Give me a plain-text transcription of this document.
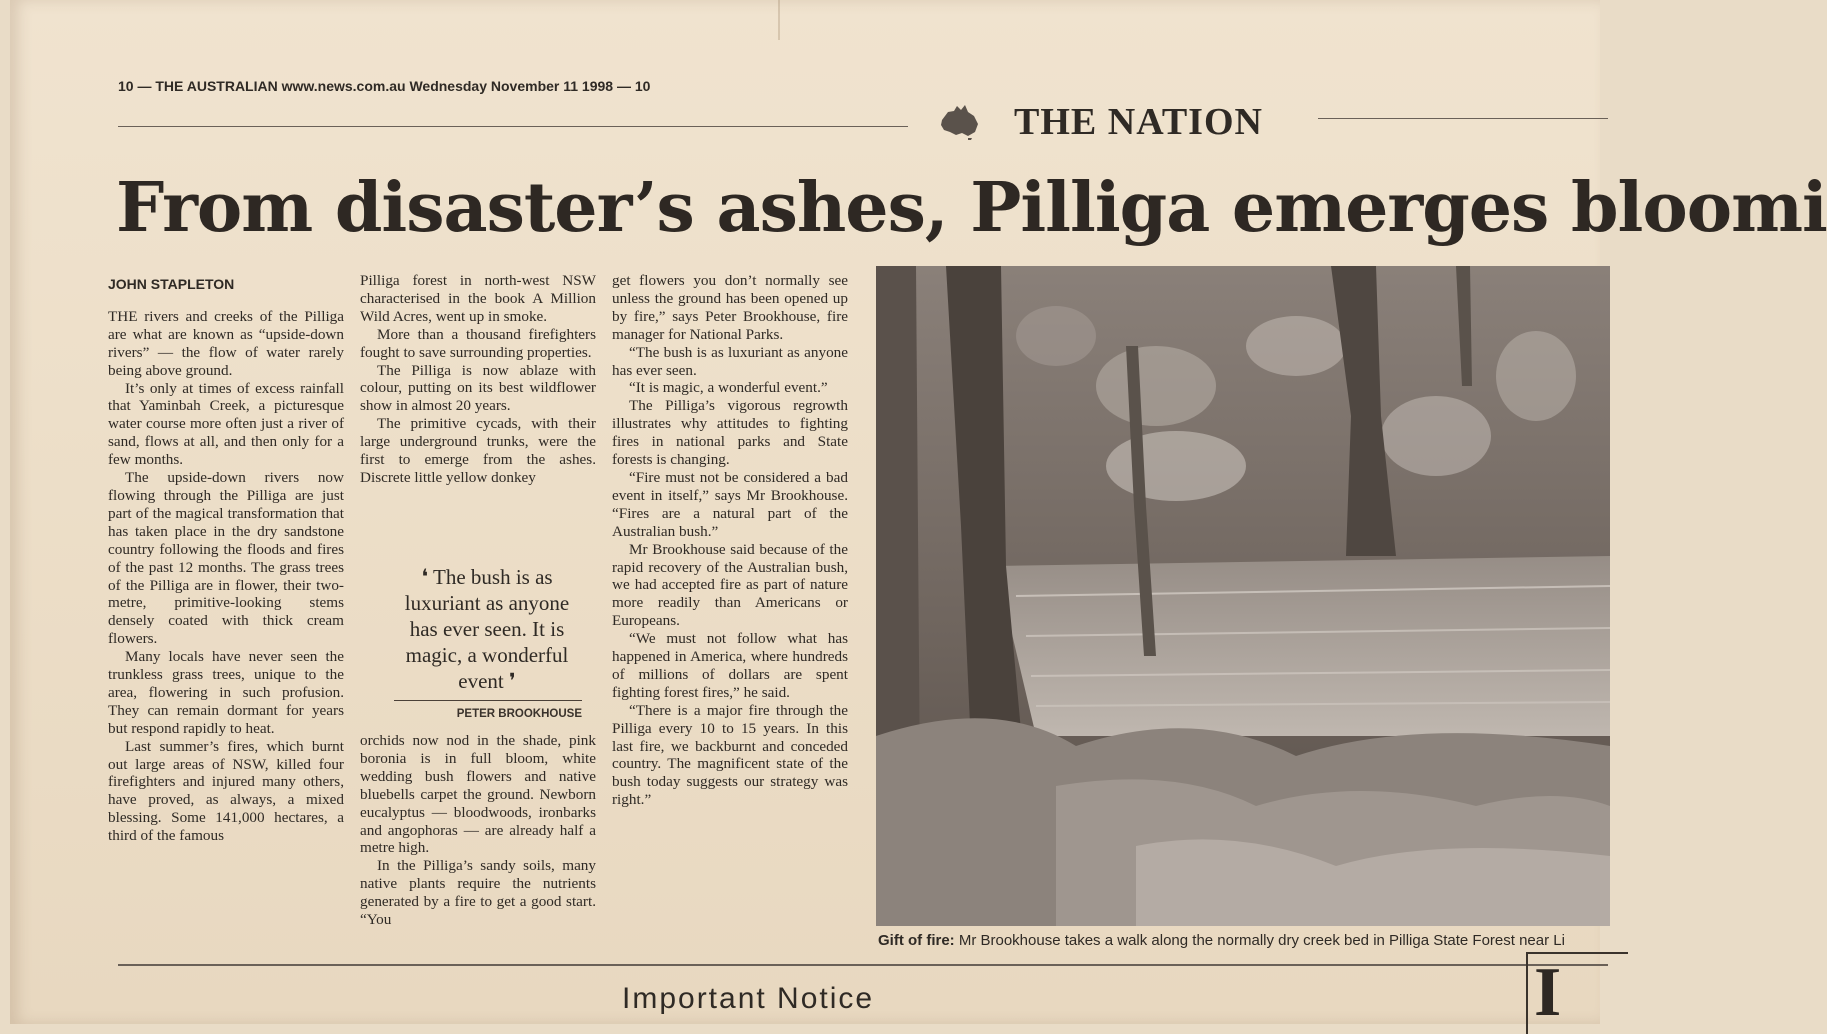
10 — THE AUSTRALIAN www.news.com.au Wednesday November 11 1998 — 10
THE NATION
From disaster’s ashes, Pilliga emerges bloomi
JOHN STAPLETON

THE rivers and creeks of the Pilliga are what are known as “upside-down rivers” — the flow of water rarely being above ground.

It’s only at times of excess rainfall that Yaminbah Creek, a picturesque water course more often just a river of sand, flows at all, and then only for a few months.

The upside-down rivers now flowing through the Pilliga are just part of the magical transformation that has taken place in the dry sandstone country following the floods and fires of the past 12 months. The grass trees of the Pilliga are in flower, their two-metre, primitive-looking stems densely coated with thick cream flowers.

Many locals have never seen the trunkless grass trees, unique to the area, flowering in such profusion. They can remain dormant for years but respond rapidly to heat.

Last summer’s fires, which burnt out large areas of NSW, killed four firefighters and injured many others, have proved, as always, a mixed blessing. Some 141,000 hectares, a third of the famous

Pilliga forest in north-west NSW characterised in the book A Million Wild Acres, went up in smoke.

More than a thousand firefighters fought to save surrounding properties.

The Pilliga is now ablaze with colour, putting on its best wildflower show in almost 20 years.

The primitive cycads, with their large underground trunks, were the first to emerge from the ashes. Discrete little yellow donkey

❛ The bush is as luxuriant as anyone has ever seen. It is magic, a wonderful event ❜
PETER BROOKHOUSE

orchids now nod in the shade, pink boronia is in full bloom, white wedding bush flowers and native bluebells carpet the ground. Newborn eucalyptus — bloodwoods, ironbarks and angophoras — are already half a metre high.

In the Pilliga’s sandy soils, many native plants require the nutrients generated by a fire to get a good start. “You

get flowers you don’t normally see unless the ground has been opened up by fire,” says Peter Brookhouse, fire manager for National Parks.

“The bush is as luxuriant as anyone has ever seen.

“It is magic, a wonderful event.”

The Pilliga’s vigorous regrowth illustrates why attitudes to fighting fires in national parks and State forests is changing.

“Fire must not be considered a bad event in itself,” says Mr Brookhouse. “Fires are a natural part of the Australian bush.”

Mr Brookhouse said because of the rapid recovery of the Australian bush, we had accepted fire as part of nature more readily than Americans or Europeans.

“We must not follow what has happened in America, where hundreds of millions of dollars are spent fighting forest fires,” he said.

“There is a major fire through the Pilliga every 10 to 15 years. In this last fire, we backburnt and conceded country. The magnificent state of the bush today suggests our strategy was right.”

Gift of fire: Mr Brookhouse takes a walk along the normally dry creek bed in Pilliga State Forest near Li
Important Notice	I
